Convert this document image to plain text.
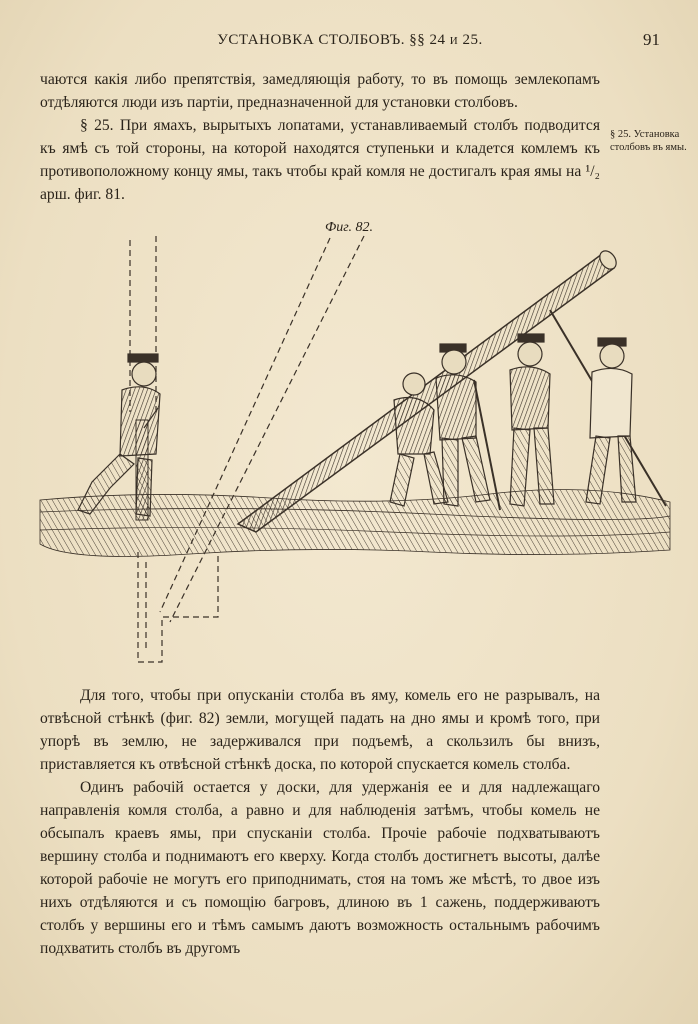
УСТАНОВКА СТОЛБОВЪ. §§ 24 и 25.	91

чаются какія либо препятствія, замедляющія работу, то въ помощь землекопамъ отдѣляются люди изъ партіи, предназначенной для установки столбовъ.

§ 25. При ямахъ, вырытыхъ лопатами, устанавливаемый столбъ подводится къ ямѣ съ той стороны, на которой находятся ступеньки и кладется комлемъ къ противоположному концу ямы, такъ чтобы край комля не достигалъ края ямы на ¹/₂ арш. фиг. 81.

§ 25. Установка столбовъ въ ямы.
Фиг. 82.

Для того, чтобы при опусканіи столба въ яму, комель его не разрывалъ, на отвѣсной стѣнкѣ (фиг. 82) земли, могущей падать на дно ямы и кромѣ того, при упорѣ въ землю, не задерживался при подъемѣ, а скользилъ бы внизъ, приставляется къ отвѣсной стѣнкѣ доска, по которой спускается комель столба.

Одинъ рабочій остается у доски, для удержанія ее и для надлежащаго направленія комля столба, а равно и для наблюденія затѣмъ, чтобы комель не обсыпалъ краевъ ямы, при спусканіи столба. Прочіе рабочіе подхватываютъ вершину столба и поднимаютъ его кверху. Когда столбъ достигнетъ высоты, далѣе которой рабочіе не могутъ его приподнимать, стоя на томъ же мѣстѣ, то двое изъ нихъ отдѣляются и съ помощію багровъ, длиною въ 1 сажень, поддерживаютъ столбъ у вершины его и тѣмъ самымъ даютъ возможность остальнымъ рабочимъ подхватить столбъ въ другомъ
